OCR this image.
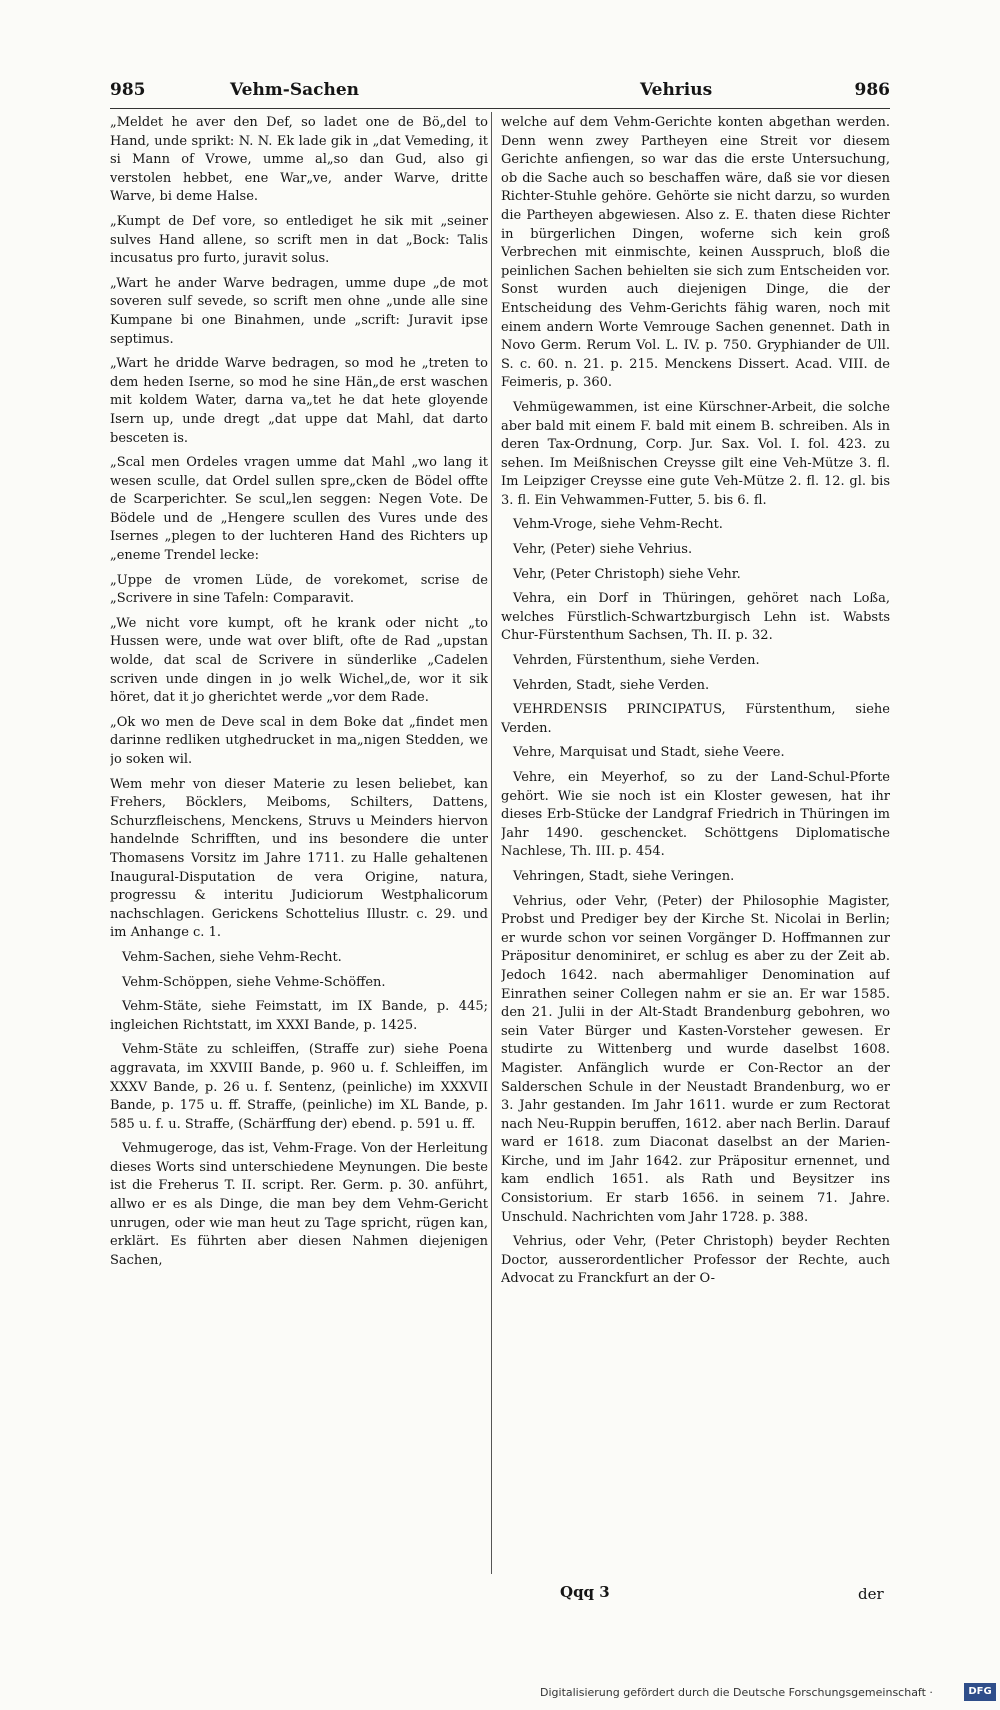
985	Vehm-Sachen	Vehrius	986

„Meldet he aver den Def, so ladet one de Bö„del to Hand, unde sprikt: N. N. Ek lade gik in „dat Vemeding, it si Mann of Vrowe, umme al„so dan Gud, also gi verstolen hebbet, ene War„ve, ander Warve, dritte Warve, bi deme Halse.

„Kumpt de Def vore, so entlediget he sik mit „seiner sulves Hand allene, so scrift men in dat „Bock: Talis incusatus pro furto, juravit solus.

„Wart he ander Warve bedragen, umme dupe „de mot soveren sulf sevede, so scrift men ohne „unde alle sine Kumpane bi one Binahmen, unde „scrift: Juravit ipse septimus.

„Wart he dridde Warve bedragen, so mod he „treten to dem heden Iserne, so mod he sine Hän„de erst waschen mit koldem Water, darna va„tet he dat hete gloyende Isern up, unde dregt „dat uppe dat Mahl, dat darto besceten is.

„Scal men Ordeles vragen umme dat Mahl „wo lang it wesen sculle, dat Ordel sullen spre„cken de Bödel offte de Scarperichter. Se scul„len seggen: Negen Vote. De Bödele und de „Hengere scullen des Vures unde des Isernes „plegen to der luchteren Hand des Richters up „eneme Trendel lecke:

„Uppe de vromen Lüde, de vorekomet, scrise de „Scrivere in sine Tafeln: Comparavit.

„We nicht vore kumpt, oft he krank oder nicht „to Hussen were, unde wat over blift, ofte de Rad „upstan wolde, dat scal de Scrivere in sünderlike „Cadelen scriven unde dingen in jo welk Wichel„de, wor it sik höret, dat it jo gherichtet werde „vor dem Rade.

„Ok wo men de Deve scal in dem Boke dat „findet men darinne redliken utghedrucket in ma„nigen Stedden, we jo soken wil.

Wem mehr von dieser Materie zu lesen beliebet, kan Frehers, Böcklers, Meiboms, Schilters, Dattens, Schurzfleischens, Menckens, Struvs u Meinders hiervon handelnde Schrifften, und ins besondere die unter Thomasens Vorsitz im Jahre 1711. zu Halle gehaltenen Inaugural-Disputation de vera Origine, natura, progressu & interitu Judiciorum Westphalicorum nachschlagen. Gerickens Schottelius Illustr. c. 29. und im Anhange c. 1.

Vehm-Sachen, siehe Vehm-Recht.

Vehm-Schöppen, siehe Vehme-Schöffen.

Vehm-Stäte, siehe Feimstatt, im IX Bande, p. 445; ingleichen Richtstatt, im XXXI Bande, p. 1425.

Vehm-Stäte zu schleiffen, (Straffe zur) siehe Poena aggravata, im XXVIII Bande, p. 960 u. f. Schleiffen, im XXXV Bande, p. 26 u. f. Sentenz, (peinliche) im XXXVII Bande, p. 175 u. ff. Straffe, (peinliche) im XL Bande, p. 585 u. f. u. Straffe, (Schärffung der) ebend. p. 591 u. ff.

Vehmugeroge, das ist, Vehm-Frage. Von der Herleitung dieses Worts sind unterschiedene Meynungen. Die beste ist die Freherus T. II. script. Rer. Germ. p. 30. anführt, allwo er es als Dinge, die man bey dem Vehm-Gericht unrugen, oder wie man heut zu Tage spricht, rügen kan, erklärt. Es führten aber diesen Nahmen diejenigen Sachen,

welche auf dem Vehm-Gerichte konten abgethan werden. Denn wenn zwey Partheyen eine Streit vor diesem Gerichte anfiengen, so war das die erste Untersuchung, ob die Sache auch so beschaffen wäre, daß sie vor diesen Richter-Stuhle gehöre. Gehörte sie nicht darzu, so wurden die Partheyen abgewiesen. Also z. E. thaten diese Richter in bürgerlichen Dingen, woferne sich kein groß Verbrechen mit einmischte, keinen Ausspruch, bloß die peinlichen Sachen behielten sie sich zum Entscheiden vor. Sonst wurden auch diejenigen Dinge, die der Entscheidung des Vehm-Gerichts fähig waren, noch mit einem andern Worte Vemrouge Sachen genennet. Dath in Novo Germ. Rerum Vol. L. IV. p. 750. Gryphiander de Ull. S. c. 60. n. 21. p. 215. Menckens Dissert. Acad. VIII. de Feimeris, p. 360.

Vehmügewammen, ist eine Kürschner-Arbeit, die solche aber bald mit einem F. bald mit einem B. schreiben. Als in deren Tax-Ordnung, Corp. Jur. Sax. Vol. I. fol. 423. zu sehen. Im Meißnischen Creysse gilt eine Veh-Mütze 3. fl. Im Leipziger Creysse eine gute Veh-Mütze 2. fl. 12. gl. bis 3. fl. Ein Vehwammen-Futter, 5. bis 6. fl.

Vehm-Vroge, siehe Vehm-Recht.

Vehr, (Peter) siehe Vehrius.

Vehr, (Peter Christoph) siehe Vehr.

Vehra, ein Dorf in Thüringen, gehöret nach Loßa, welches Fürstlich-Schwartzburgisch Lehn ist. Wabsts Chur-Fürstenthum Sachsen, Th. II. p. 32.

Vehrden, Fürstenthum, siehe Verden.

Vehrden, Stadt, siehe Verden.

VEHRDENSIS PRINCIPATUS, Fürstenthum, siehe Verden.

Vehre, Marquisat und Stadt, siehe Veere.

Vehre, ein Meyerhof, so zu der Land-Schul-Pforte gehört. Wie sie noch ist ein Kloster gewesen, hat ihr dieses Erb-Stücke der Landgraf Friedrich in Thüringen im Jahr 1490. geschencket. Schöttgens Diplomatische Nachlese, Th. III. p. 454.

Vehringen, Stadt, siehe Veringen.

Vehrius, oder Vehr, (Peter) der Philosophie Magister, Probst und Prediger bey der Kirche St. Nicolai in Berlin; er wurde schon vor seinen Vorgänger D. Hoffmannen zur Präpositur denominiret, er schlug es aber zu der Zeit ab. Jedoch 1642. nach abermahliger Denomination auf Einrathen seiner Collegen nahm er sie an. Er war 1585. den 21. Julii in der Alt-Stadt Brandenburg gebohren, wo sein Vater Bürger und Kasten-Vorsteher gewesen. Er studirte zu Wittenberg und wurde daselbst 1608. Magister. Anfänglich wurde er Con-Rector an der Salderschen Schule in der Neustadt Brandenburg, wo er 3. Jahr gestanden. Im Jahr 1611. wurde er zum Rectorat nach Neu-Ruppin beruffen, 1612. aber nach Berlin. Darauf ward er 1618. zum Diaconat daselbst an der Marien-Kirche, und im Jahr 1642. zur Präpositur ernennet, und kam endlich 1651. als Rath und Beysitzer ins Consistorium. Er starb 1656. in seinem 71. Jahre. Unschuld. Nachrichten vom Jahr 1728. p. 388.

Vehrius, oder Vehr, (Peter Christoph) beyder Rechten Doctor, ausserordentlicher Professor der Rechte, auch Advocat zu Franckfurt an der O-

Qqq 3	der
Digitalisierung gefördert durch die Deutsche Forschungsgemeinschaft ·	DFG
